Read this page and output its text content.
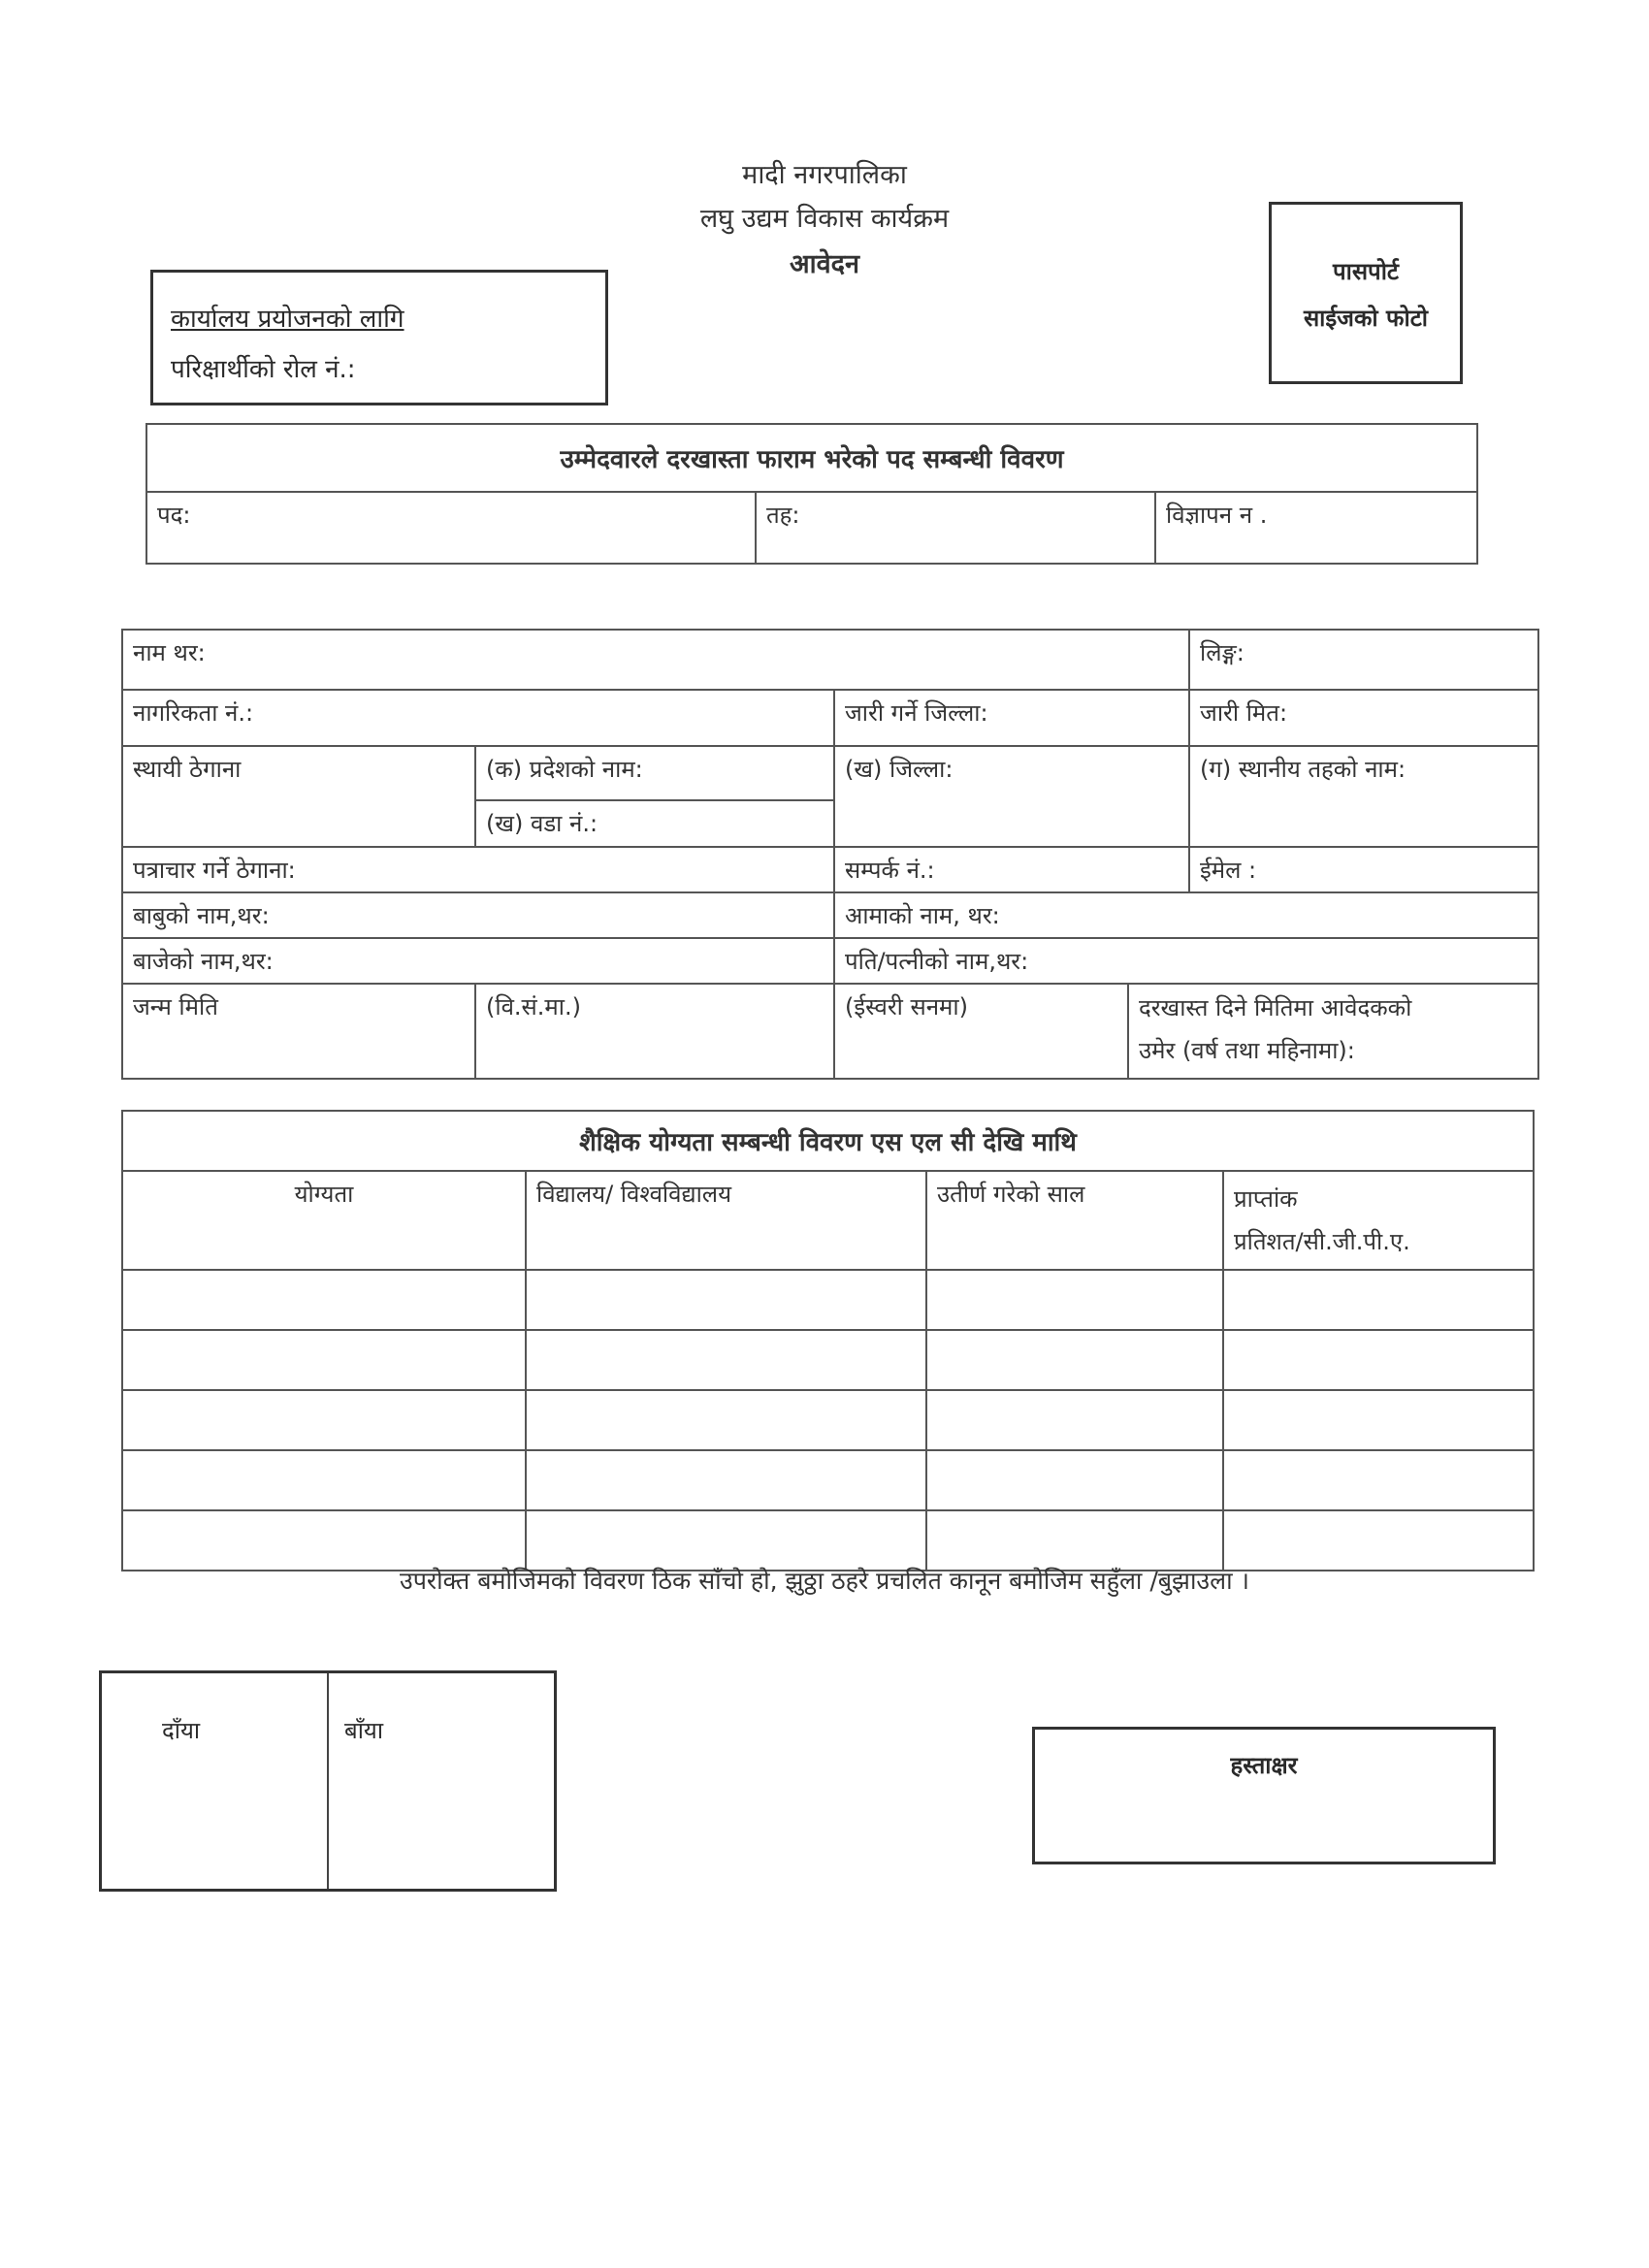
मादी नगरपालिका
लघु उद्यम विकास कार्यक्रम
आवेदन
कार्यालय प्रयोजनको लागि
परिक्षार्थीको रोल नं.:
पासपोर्ट
साईजको फोटो
उम्मेदवारले दरखास्ता फाराम भरेको पद सम्बन्धी विवरण
पद:	तह:	विज्ञापन न .
नाम थर:				लिङ्ग:
नागरिकता नं.:		जारी गर्ने जिल्ला:		जारी मित:
स्थायी ठेगाना	(क) प्रदेशको नाम:	(ख) जिल्ला:		(ग) स्थानीय तहको नाम:
	(ख) वडा नं.:			
पत्राचार गर्ने ठेगाना:		सम्पर्क नं.:		ईमेल :
बाबुको नाम,थर:		आमाको नाम, थर:		
बाजेको नाम,थर:		पति/पत्नीको नाम,थर:		
जन्म मिति	(वि.सं.मा.)	(ईस्वरी सनमा)	दरखास्त दिने मितिमा आवेदकको
उमेर (वर्ष तथा महिनामा):	
शैक्षिक योग्यता सम्बन्धी विवरण एस एल सी देखि माथि			
योग्यता	विद्यालय/ विश्वविद्यालय	उतीर्ण गरेको साल	प्राप्तांक
प्रतिशत/सी.जी.पी.ए.

उपरोक्त बमोजिमको विवरण ठिक साँचो हो, झुठ्ठा ठहरे प्रचलित कानून बमोजिम सहुँला /बुझाउला ।
दाँया	बाँया
हस्ताक्षर
